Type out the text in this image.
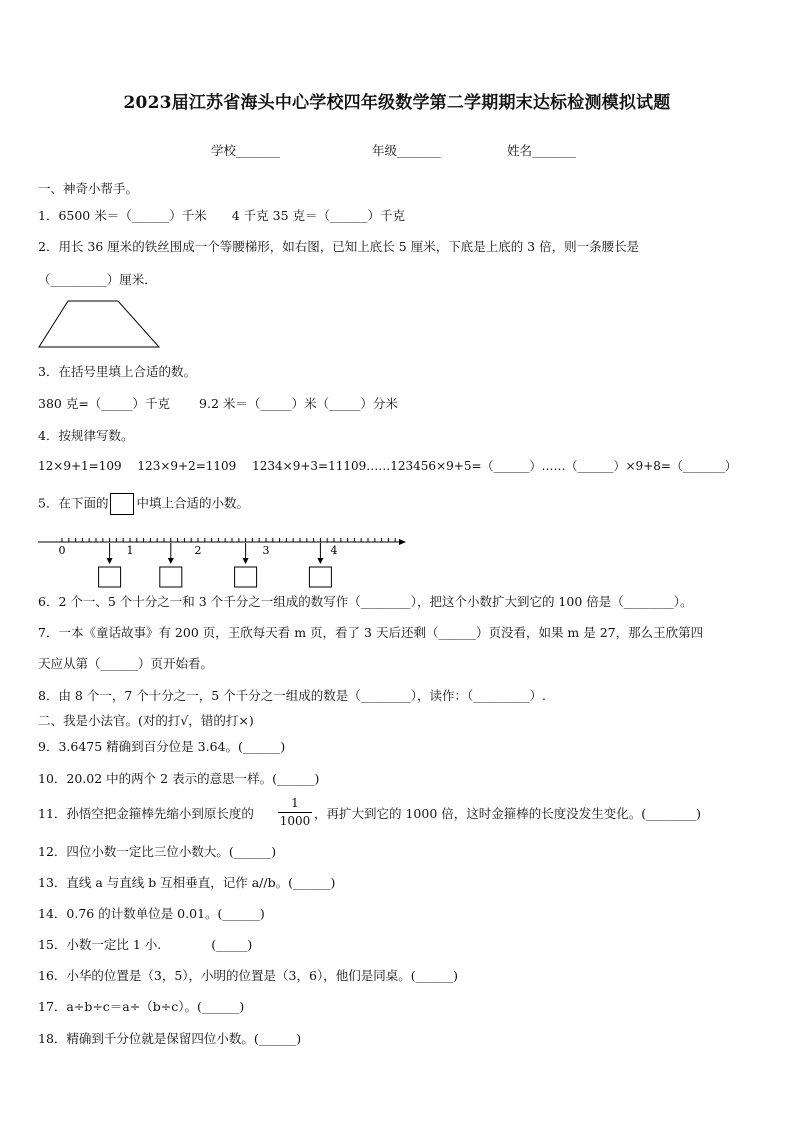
2023届江苏省海头中心学校四年级数学第二学期期末达标检测模拟试题
学校_______	年级_______	姓名_______
一、神奇小帮手。
1．6500 米＝（______）千米　　4 千克 35 克＝（______）千克
2．用长 36 厘米的铁丝围成一个等腰梯形，如右图，已知上底长 5 厘米，下底是上底的 3 倍，则一条腰长是
（_________）厘米．
3．在括号里填上合适的数。
380 克=（_____）千克　　 9.2 米＝（_____）米（_____）分米
4．按规律写数。
12×9+1=109　 123×9+2=1109　 1234×9+3=11109……123456×9+5=（______）……（______）×9+8=（_______）
5．在下面的 中填上合适的小数。
0	1	2	3	4
6．2 个一、5 个十分之一和 3 个千分之一组成的数写作（________），把这个小数扩大到它的 100 倍是（________）。
7．一本《童话故事》有 200 页，王欣每天看 m 页，看了 3 天后还剩（______）页没看，如果 m 是 27，那么王欣第四
天应从第（______）页开始看。
8．由 8 个一，7 个十分之一，5 个千分之一组成的数是（________），读作：（_________）.
二、我是小法官。(对的打√，错的打×)
9．3.6475 精确到百分位是 3.64。(______)
10．20.02 中的两个 2 表示的意思一样。(______)
11．孙悟空把金箍棒先缩小到原长度的
1
1000 ，再扩大到它的 1000 倍，这时金箍棒的长度没发生变化。(________)
12．四位小数一定比三位小数大。(______)
13．直线 a 与直线 b 互相垂直，记作 a//b。(______)
14．0.76 的计数单位是 0.01。(______)
15．小数一定比 1 小.　　　　(_____)
16．小华的位置是（3，5），小明的位置是（3，6），他们是同桌。(______)
17．a÷b÷c＝a÷（b÷c）。(______)
18．精确到千分位就是保留四位小数。(______)
